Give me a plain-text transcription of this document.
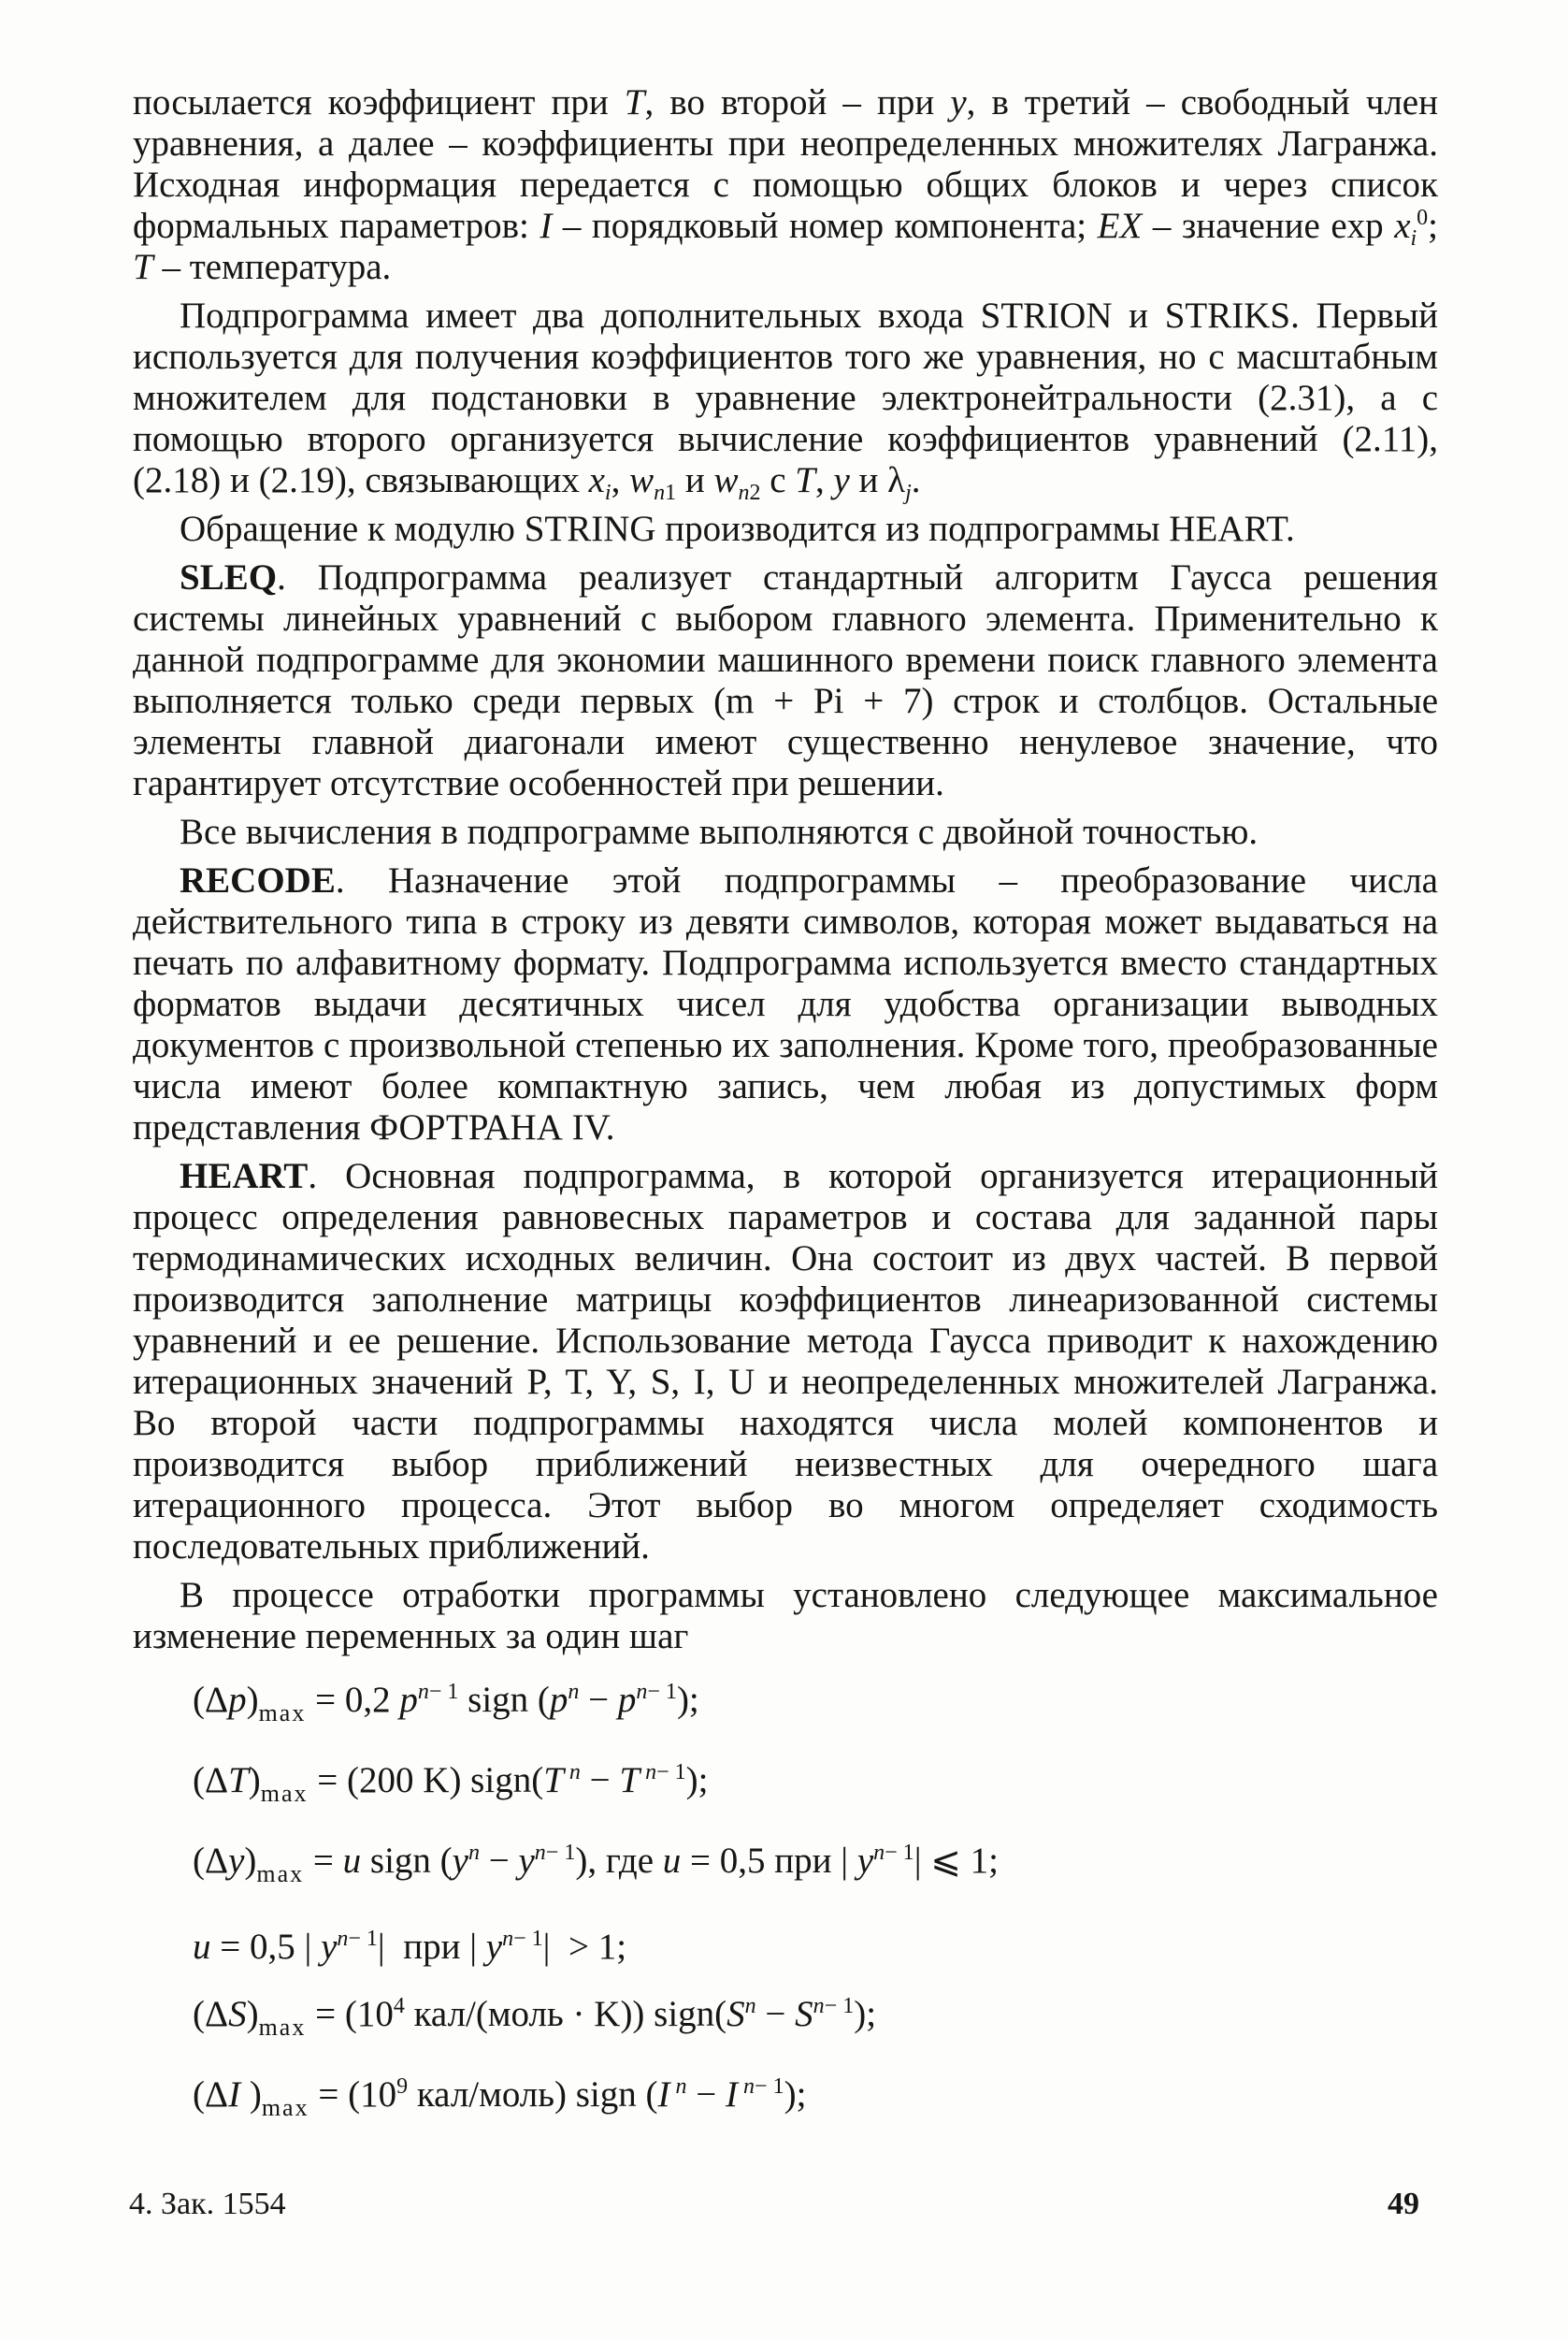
посылается коэффициент при T, во второй – при y, в третий – свободный член уравнения, а далее – коэффициенты при неопределенных множителях Лагранжа. Исходная информация передается с помощью общих блоков и через список формальных параметров: I – порядковый номер компонента; EX – значение $\exp x_i^0$; T – температура.

Подпрограмма имеет два дополнительных входа STRION и STRIKS. Первый используется для получения коэффициентов того же уравнения, но с масштабным множителем для подстановки в уравнение электронейтральности (2.31), а с помощью второго организуется вычисление коэффициентов уравнений (2.11), (2.18) и (2.19), связывающих $x_i$, $w_{n1}$ и $w_{n2}$ с T, y и $\lambda_j$.

Обращение к модулю STRING производится из подпрограммы HEART.

SLEQ. Подпрограмма реализует стандартный алгоритм Гаусса решения системы линейных уравнений с выбором главного элемента. Применительно к данной подпрограмме для экономии машинного времени поиск главного элемента выполняется только среди первых (m + Pi + 7) строк и столбцов. Остальные элементы главной диагонали имеют существенно ненулевое значение, что гарантирует отсутствие особенностей при решении.

Все вычисления в подпрограмме выполняются с двойной точностью.

RECODE. Назначение этой подпрограммы – преобразование числа действительного типа в строку из девяти символов, которая может выдаваться на печать по алфавитному формату. Подпрограмма используется вместо стандартных форматов выдачи десятичных чисел для удобства организации выводных документов с произвольной степенью их заполнения. Кроме того, преобразованные числа имеют более компактную запись, чем любая из допустимых форм представления ФОРТРАНА IV.

HEART. Основная подпрограмма, в которой организуется итерационный процесс определения равновесных параметров и состава для заданной пары термодинамических исходных величин. Она состоит из двух частей. В первой производится заполнение матрицы коэффициентов линеаризованной системы уравнений и ее решение. Использование метода Гаусса приводит к нахождению итерационных значений P, T, Y, S, I, U и неопределенных множителей Лагранжа. Во второй части подпрограммы находятся числа молей компонентов и производится выбор приближений неизвестных для очередного шага итерационного процесса. Этот выбор во многом определяет сходимость последовательных приближений.

В процессе отработки программы установлено следующее максимальное изменение переменных за один шаг

$(\Delta p)_{max} = 0,2$ $p^{n- 1}$ sign $(p^n - p^{n- 1})$;
$(\Delta T)_{max} = (200$ K) sign(T $^n$ − T $^{n- 1}$);
$(\Delta y)_{max} = u$ sign $(y^n - y^{n- 1})$, где u = 0,5 при | $y^{n- 1}|$ ⩽ 1;
u = 0,5 | $y^{n- 1}|$  при | $y^{n- 1}| > 1$;
$(\Delta S)_{max} = (10^4$ кал/(моль · K)) $sign(S^n - S^{n- 1})$;
(ΔI )$_{max} = (10^9$ кал/моль) sign (I $^n$ − I $^{n- 1}$);
4. Зак. 1554	49
